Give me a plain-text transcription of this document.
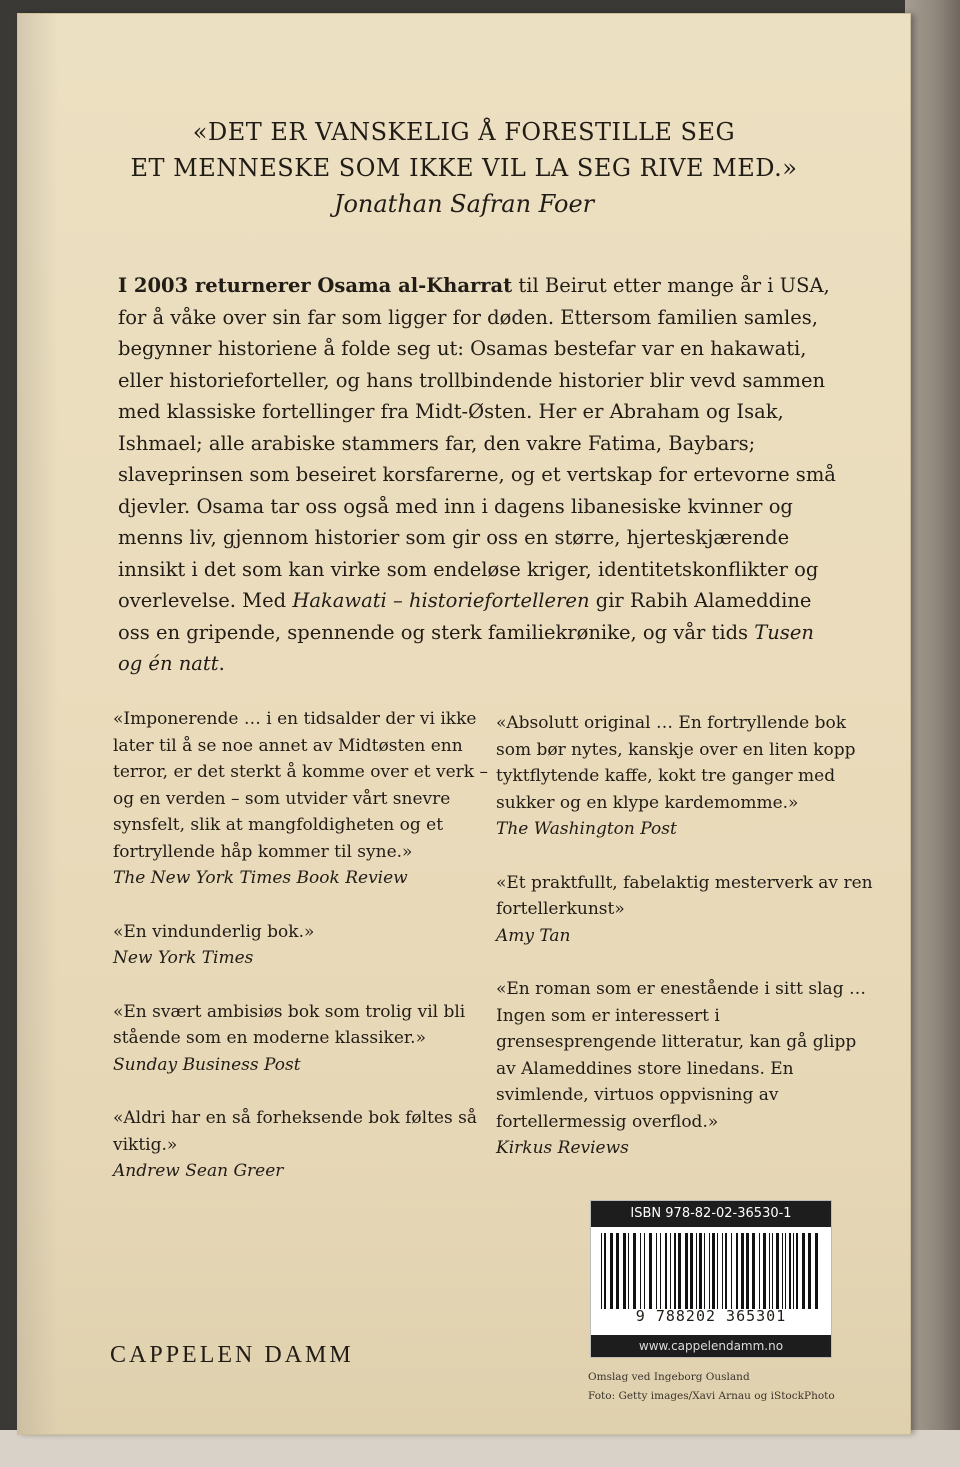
«DET ER VANSKELIG Å FORESTILLE SEG
ET MENNESKE SOM IKKE VIL LA SEG RIVE MED.»
Jonathan Safran Foer
I 2003 returnerer Osama al-Kharrat til Beirut etter mange år i USA, for å våke over sin far som ligger for døden. Ettersom familien samles, begynner historiene å folde seg ut: Osamas bestefar var en hakawati, eller historieforteller, og hans trollbindende historier blir vevd sammen med klassiske fortellinger fra Midt-Østen. Her er Abraham og Isak, Ishmael; alle arabiske stammers far, den vakre Fatima, Baybars; slaveprinsen som beseiret korsfarerne, og et vertskap for ertevorne små djevler. Osama tar oss også med inn i dagens libanesiske kvinner og menns liv, gjennom historier som gir oss en større, hjerteskjærende innsikt i det som kan virke som endeløse kriger, identitetskonflikter og overlevelse. Med Hakawati – historiefortelleren gir Rabih Alameddine oss en gripende, spennende og sterk familiekrønike, og vår tids Tusen og én natt.
«Imponerende … i en tidsalder der vi ikke later til å se noe annet av Midtøsten enn terror, er det sterkt å komme over et verk – og en verden – som utvider vårt snevre synsfelt, slik at mangfoldigheten og et fortryllende håp kommer til syne.»
The New York Times Book Review
«En vindunderlig bok.»
New York Times
«En svært ambisiøs bok som trolig vil bli stående som en moderne klassiker.»
Sunday Business Post
«Aldri har en så forheksende bok føltes så viktig.»
Andrew Sean Greer
«Absolutt original … En fortryllende bok som bør nytes, kanskje over en liten kopp tyktflytende kaffe, kokt tre ganger med sukker og en klype kardemomme.»
The Washington Post
«Et praktfullt, fabelaktig mesterverk av ren fortellerkunst»
Amy Tan
«En roman som er enestående i sitt slag … Ingen som er interessert i grensesprengende litteratur, kan gå glipp av Alameddines store linedans. En svimlende, virtuos oppvisning av fortellermessig overflod.»
Kirkus Reviews
CAPPELEN DAMM
ISBN 978-82-02-36530-1
9 788202 365301
www.cappelendamm.no
Omslag ved Ingeborg Ousland
Foto: Getty images/Xavi Arnau og iStockPhoto
